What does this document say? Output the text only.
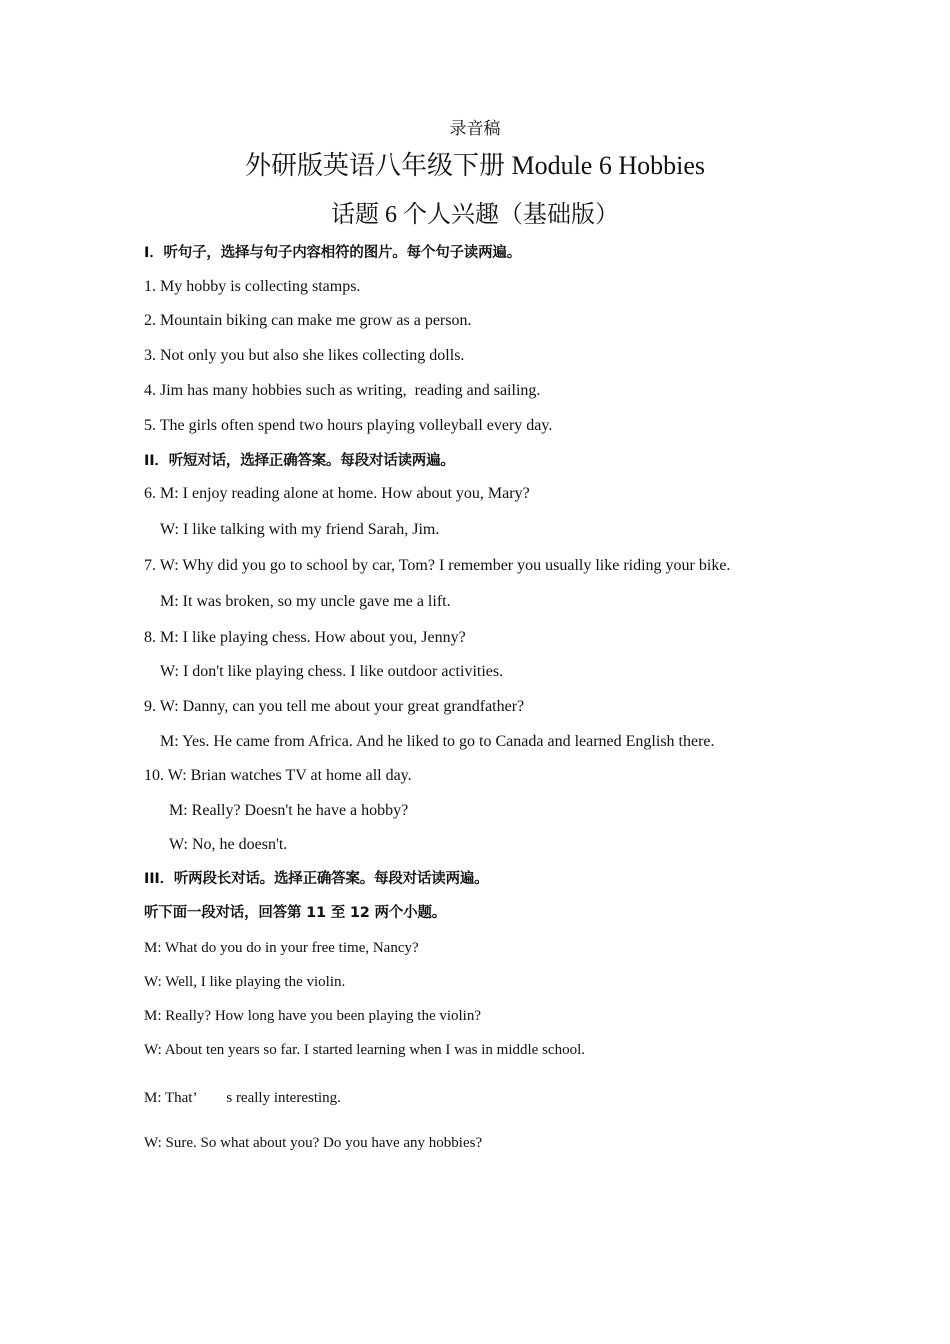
录音稿
外研版英语八年级下册 Module 6 Hobbies
话题 6 个人兴趣（基础版）
I．听句子，选择与句子内容相符的图片。每个句子读两遍。
1. My hobby is collecting stamps.
2. Mountain biking can make me grow as a person.
3. Not only you but also she likes collecting dolls.
4. Jim has many hobbies such as writing,  reading and sailing.
5. The girls often spend two hours playing volleyball every day.
II．听短对话，选择正确答案。每段对话读两遍。
6. M: I enjoy reading alone at home. How about you, Mary?
W: I like talking with my friend Sarah, Jim.
7. W: Why did you go to school by car, Tom? I remember you usually like riding your bike.
M: It was broken, so my uncle gave me a lift.
8. M: I like playing chess. How about you, Jenny?
W: I don't like playing chess. I like outdoor activities.
9. W: Danny, can you tell me about your great grandfather?
M: Yes. He came from Africa. And he liked to go to Canada and learned English there.
10. W: Brian watches TV at home all day.
M: Really? Doesn't he have a hobby?
W: No, he doesn't.
III．听两段长对话。选择正确答案。每段对话读两遍。
听下面一段对话，回答第 11 至 12 两个小题。
M: What do you do in your free time, Nancy?
W: Well, I like playing the violin.
M: Really? How long have you been playing the violin?
W: About ten years so far. I started learning when I was in middle school.
M: That’        s really interesting.
W: Sure. So what about you? Do you have any hobbies?
